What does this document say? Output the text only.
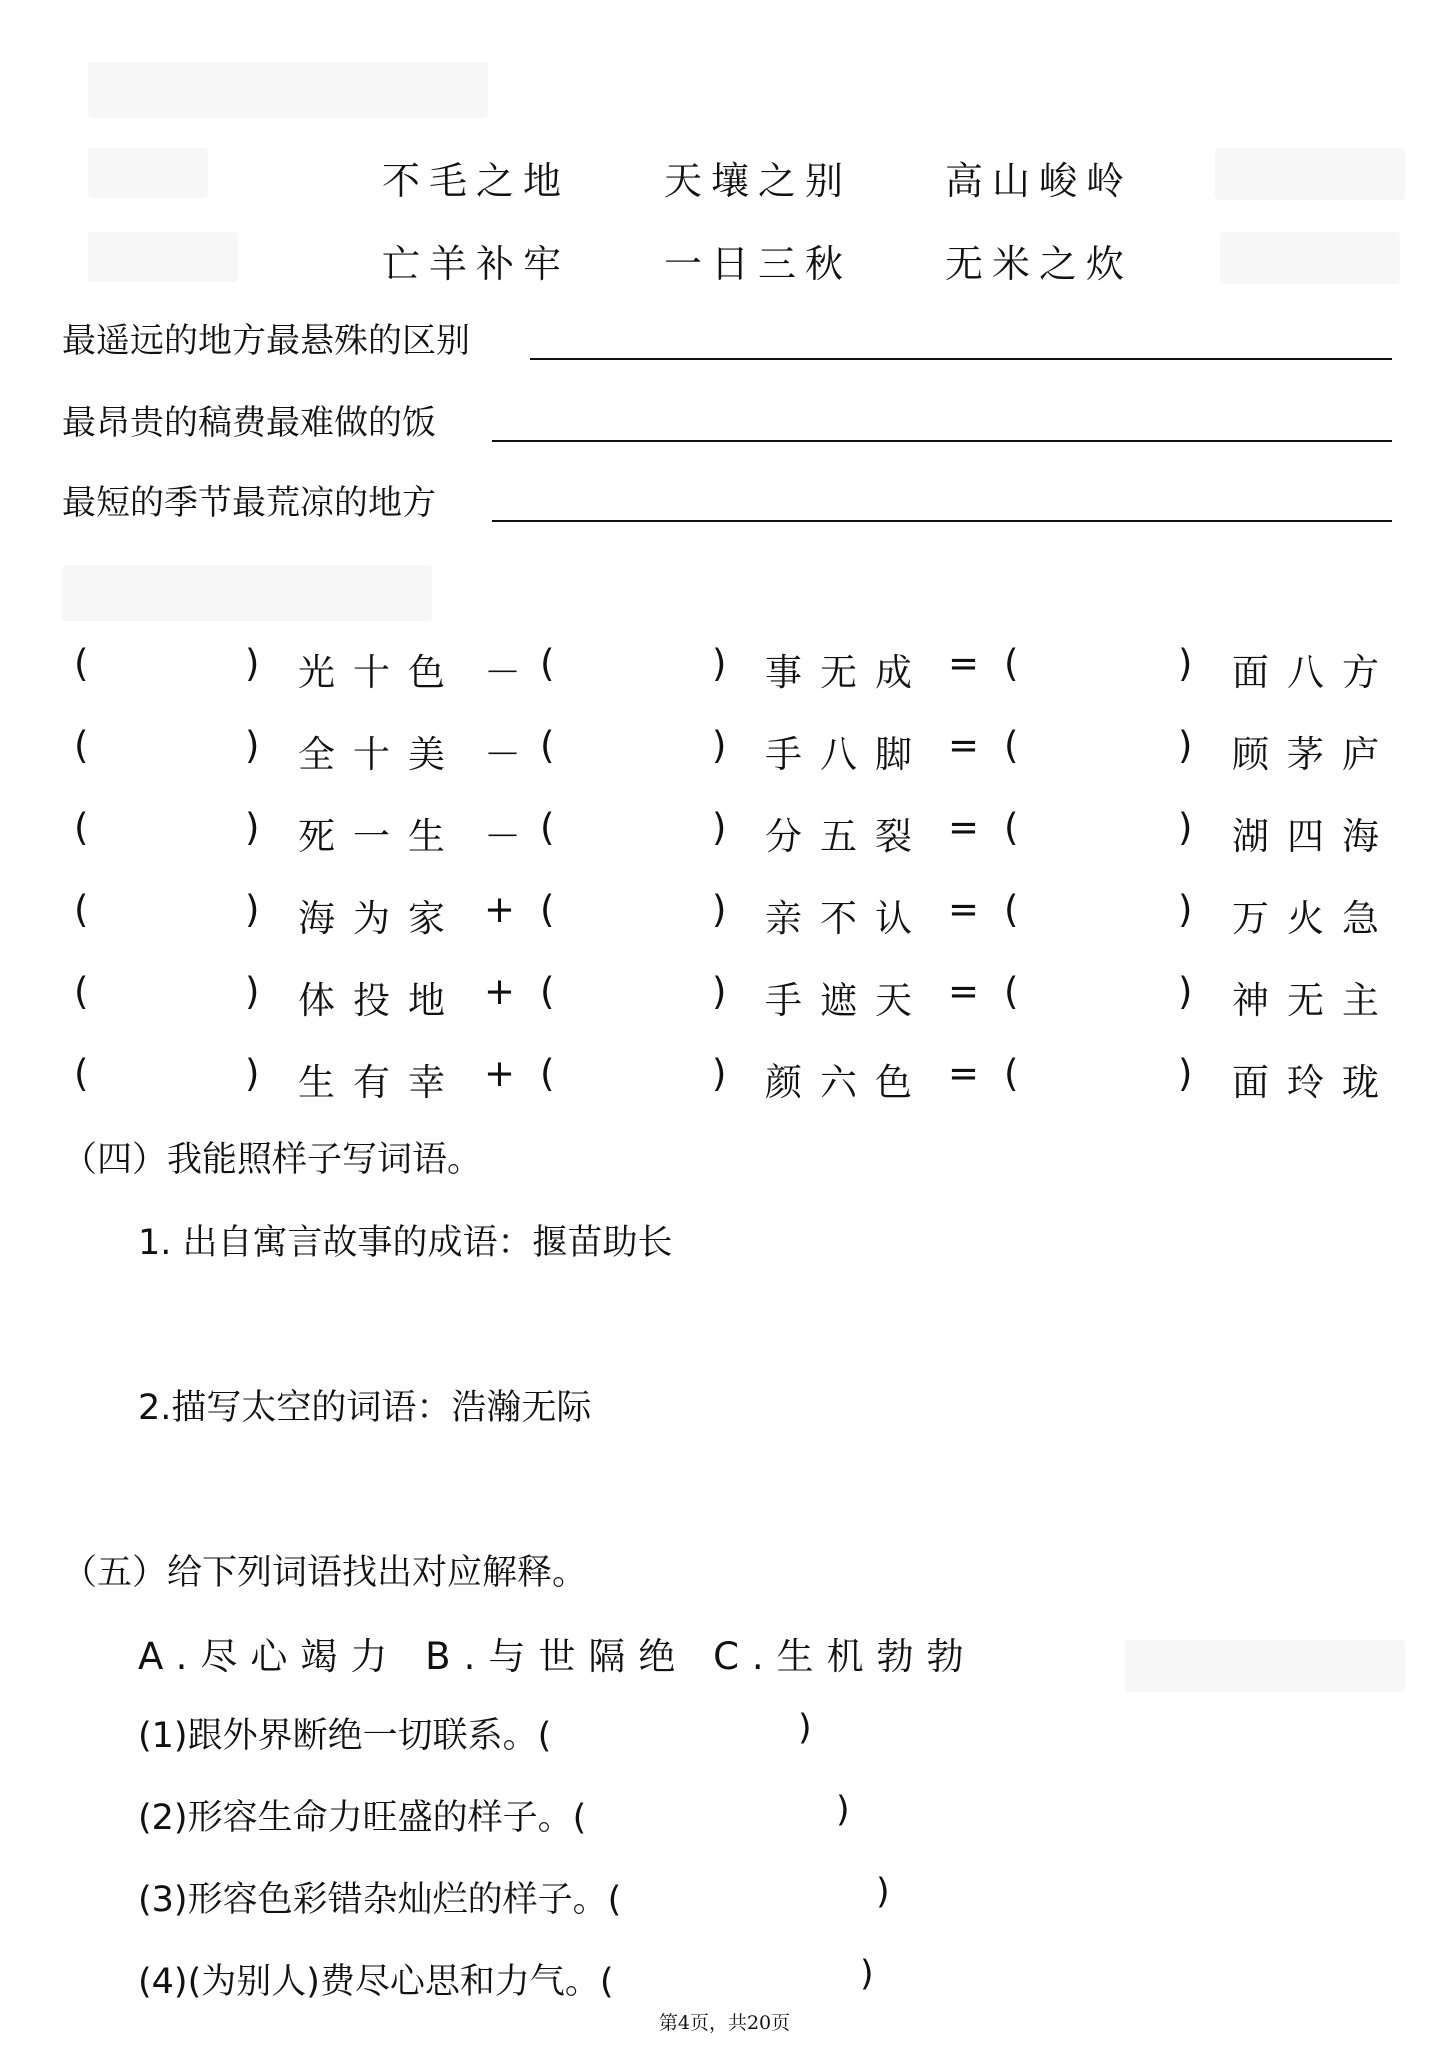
不毛之地 天壤之别 高山峻岭
亡羊补牢 一日三秋 无米之炊
最遥远的地方最悬殊的区别
最昂贵的稿费最难做的饭
最短的季节最荒凉的地方
(	) 光十色 － (	) 事无成 = (	) 面八方
(	) 全十美 － (	) 手八脚 = (	) 顾茅庐
(	) 死一生 － (	) 分五裂 = (	) 湖四海
(	) 海为家 + (	) 亲不认 = (	) 万火急
(	) 体投地 + (	) 手遮天 = (	) 神无主
(	) 生有幸 + (	) 颜六色 = (	) 面玲珑
（四）我能照样子写词语。
1. 出自寓言故事的成语：揠苗助长
2.描写太空的词语：浩瀚无际
（五）给下列词语找出对应解释。
A.尽心竭力 B.与世隔绝 C.生机勃勃
(1)跟外界断绝一切联系。(	)
(2)形容生命力旺盛的样子。(	)
(3)形容色彩错杂灿烂的样子。(	)
(4)(为别人)费尽心思和力气。(	)
第4页，共20页
